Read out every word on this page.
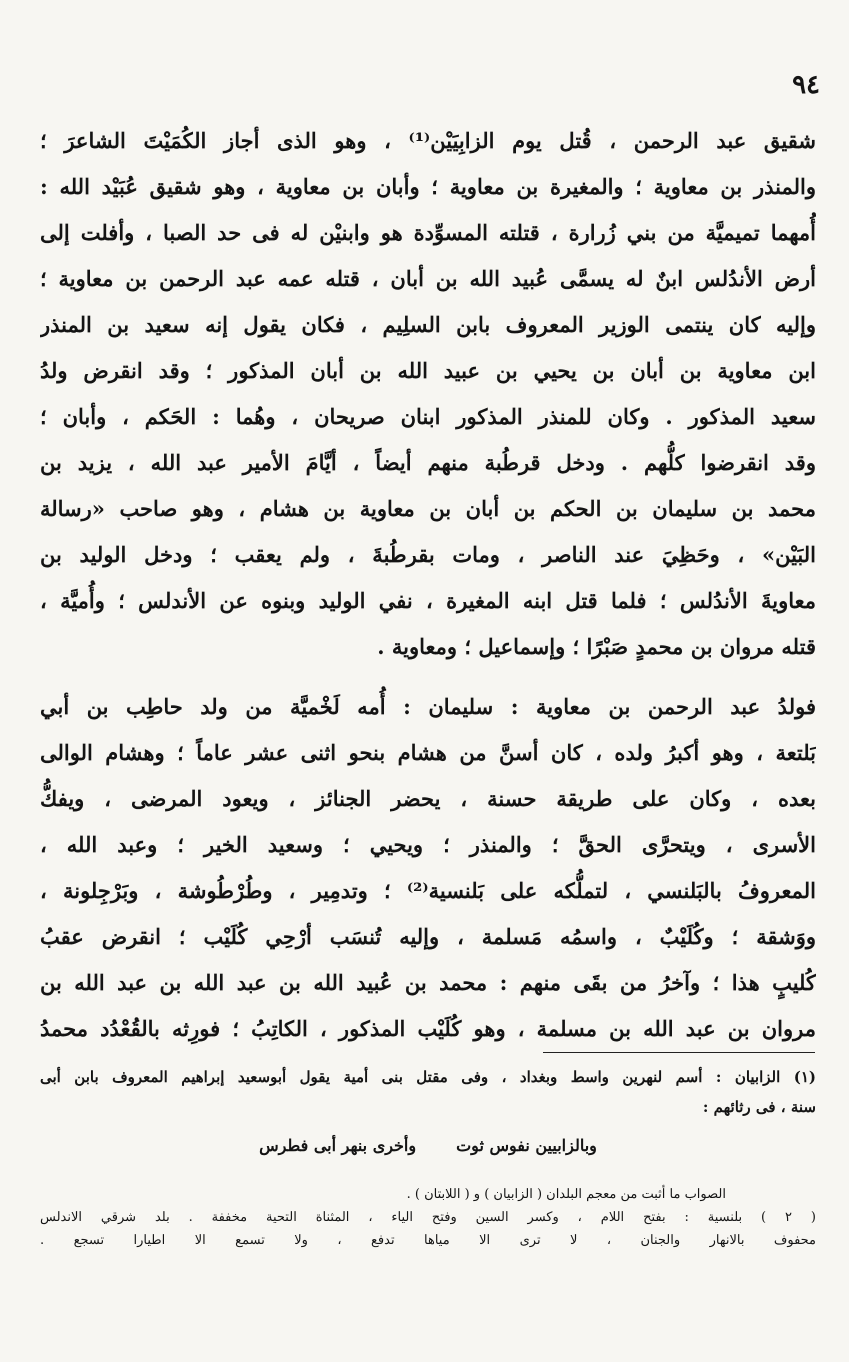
٩٤
شقيق عبد الرحمن ، قُتل يوم الزابِيَيْن⁽¹⁾ ، وهو الذى أجاز الكُمَيْتَ الشاعرَ ؛
والمنذر بن معاوية ؛ والمغيرة بن معاوية ؛ وأبان بن معاوية ، وهو شقيق عُبَيْد الله :
أُمهما تميميَّة من بني زُرارة ، قتلته المسوِّدة هو وابنيْن له فى حد الصبا ، وأفلت إلى
أرض الأندُلس ابنٌ له يسمَّى عُبيد الله بن أبان ، قتله عمه عبد الرحمن بن معاوية ؛
وإليه كان ينتمى الوزير المعروف بابن السلِيم ، فكان يقول إنه سعيد بن المنذر
ابن معاوية بن أبان بن يحيي بن عبيد الله بن أبان المذكور ؛ وقد انقرض ولدُ
سعيد المذكور . وكان للمنذر المذكور ابنان صريحان ، وهُما : الحَكم ، وأبان ؛
وقد انقرضوا كلُّهم . ودخل قرطُبة منهم أيضاً ، أيَّامَ الأمير عبد الله ، يزيد بن
محمد بن سليمان بن الحكم بن أبان بن معاوية بن هشام ، وهو صاحب «رسالة
البَيْن» ، وحَظِيَ عند الناصر ، ومات بقرطُبةَ ، ولم يعقب ؛ ودخل الوليد بن
معاويةَ الأندُلس ؛ فلما قتل ابنه المغيرة ، نفي الوليد وبنوه عن الأندلس ؛ وأُميَّة ،
قتله مروان بن محمدٍ صَبْرًا ؛ وإسماعيل ؛ ومعاوية .
فولدُ عبد الرحمن بن معاوية : سليمان : أُمه لَخْميَّة من ولد حاطِب بن أبي
بَلتعة ، وهو أكبرُ ولده ، كان أسنَّ من هشام بنحو اثنى عشر عاماً ؛ وهشام الوالى
بعده ، وكان على طريقة حسنة ، يحضر الجنائز ، ويعود المرضى ، ويفكُّ
الأسرى ، ويتحرَّى الحقَّ ؛ والمنذر ؛ ويحيي ؛ وسعيد الخير ؛ وعبد الله ،
المعروفُ بالبَلنسي ، لتملُّكه على بَلنسية⁽²⁾ ؛ وتدمِير ، وطُرْطُوشة ، وبَرْجِلونة ،
ووَشقة ؛ وكُلَيْبٌ ، واسمُه مَسلمة ، وإليه تُنسَب أرْحِي كُلَيْب ؛ انقرض عقبُ
كُليبٍ هذا ؛ وآخرُ من بقَى منهم : محمد بن عُبيد الله بن عبد الله بن عبد الله بن
مروان بن عبد الله بن مسلمة ، وهو كُلَيْب المذكور ، الكاتِبُ ؛ فورِثه بالقُعْدُد محمدُ
(١) الزابيان : أسم لنهرين واسط وبغداد ، وفى مقتل بنى أمية يقول أبوسعيد إبراهيم المعروف بابن أبى
سنة ، فى رثائهم :
وبالزابيين نفوس ثوت
وأخرى بنهر أبى فطرس
الصواب ما أثبت من معجم البلدان ( الزابيان ) و ( اللابتان ) .
( ٢ ) بلنسية : بفتح اللام ، وكسر السين وفتح الياء ، المثناة التحية مخففة . بلد شرقي الاندلس
محفوف بالانهار والجنان ، لا ترى الا مياها تدفع ، ولا تسمع الا اطيارا تسجع .
